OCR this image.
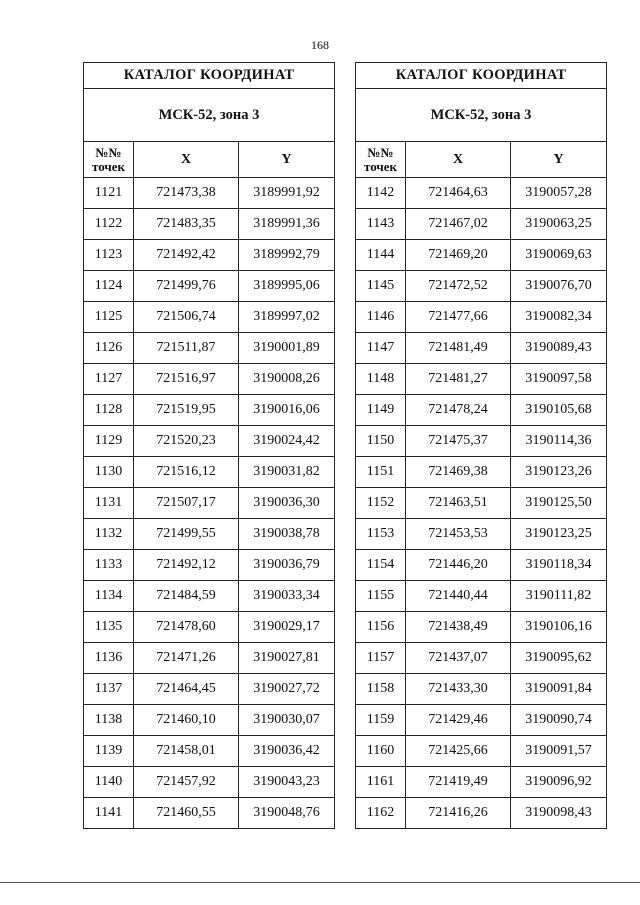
168
КАТАЛОГ КООРДИНАТ		
МСК-52, зона 3		
№№
точек	X	Y
1121	721473,38	3189991,92
1122	721483,35	3189991,36
1123	721492,42	3189992,79
1124	721499,76	3189995,06
1125	721506,74	3189997,02
1126	721511,87	3190001,89
1127	721516,97	3190008,26
1128	721519,95	3190016,06
1129	721520,23	3190024,42
1130	721516,12	3190031,82
1131	721507,17	3190036,30
1132	721499,55	3190038,78
1133	721492,12	3190036,79
1134	721484,59	3190033,34
1135	721478,60	3190029,17
1136	721471,26	3190027,81
1137	721464,45	3190027,72
1138	721460,10	3190030,07
1139	721458,01	3190036,42
1140	721457,92	3190043,23
1141	721460,55	3190048,76
КАТАЛОГ КООРДИНАТ		
МСК-52, зона 3		
№№
точек	X	Y
1142	721464,63	3190057,28
1143	721467,02	3190063,25
1144	721469,20	3190069,63
1145	721472,52	3190076,70
1146	721477,66	3190082,34
1147	721481,49	3190089,43
1148	721481,27	3190097,58
1149	721478,24	3190105,68
1150	721475,37	3190114,36
1151	721469,38	3190123,26
1152	721463,51	3190125,50
1153	721453,53	3190123,25
1154	721446,20	3190118,34
1155	721440,44	3190111,82
1156	721438,49	3190106,16
1157	721437,07	3190095,62
1158	721433,30	3190091,84
1159	721429,46	3190090,74
1160	721425,66	3190091,57
1161	721419,49	3190096,92
1162	721416,26	3190098,43
